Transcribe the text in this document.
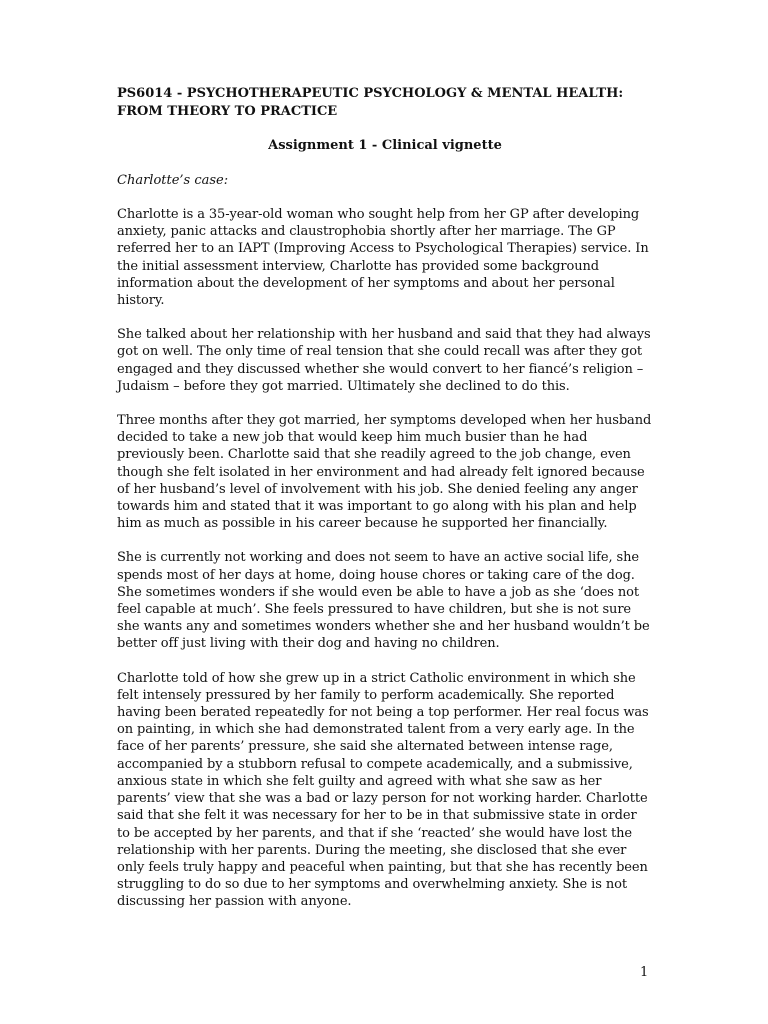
PS6014 - PSYCHOTHERAPEUTIC PSYCHOLOGY & MENTAL HEALTH: FROM THEORY TO PRACTICE

Assignment 1 - Clinical vignette

Charlotte’s case:

Charlotte is a 35-year-old woman who sought help from her GP after developing anxiety, panic attacks and claustrophobia shortly after her marriage. The GP referred her to an IAPT (Improving Access to Psychological Therapies) service. In the initial assessment interview, Charlotte has provided some background information about the development of her symptoms and about her personal history.

She talked about her relationship with her husband and said that they had always got on well. The only time of real tension that she could recall was after they got engaged and they discussed whether she would convert to her fiancé’s religion – Judaism – before they got married. Ultimately she declined to do this.

Three months after they got married, her symptoms developed when her husband decided to take a new job that would keep him much busier than he had previously been. Charlotte said that she readily agreed to the job change, even though she felt isolated in her environment and had already felt ignored because of her husband’s level of involvement with his job. She denied feeling any anger towards him and stated that it was important to go along with his plan and help him as much as possible in his career because he supported her financially.

She is currently not working and does not seem to have an active social life, she spends most of her days at home, doing house chores or taking care of the dog. She sometimes wonders if she would even be able to have a job as she ‘does not feel capable at much’. She feels pressured to have children, but she is not sure she wants any and sometimes wonders whether she and her husband wouldn’t be better off just living with their dog and having no children.

Charlotte told of how she grew up in a strict Catholic environment in which she felt intensely pressured by her family to perform academically. She reported having been berated repeatedly for not being a top performer. Her real focus was on painting, in which she had demonstrated talent from a very early age. In the face of her parents’ pressure, she said she alternated between intense rage, accompanied by a stubborn refusal to compete academically, and a submissive, anxious state in which she felt guilty and agreed with what she saw as her parents’ view that she was a bad or lazy person for not working harder. Charlotte said that she felt it was necessary for her to be in that submissive state in order to be accepted by her parents, and that if she ‘reacted’ she would have lost the relationship with her parents. During the meeting, she disclosed that she ever only feels truly happy and peaceful when painting, but that she has recently been struggling to do so due to her symptoms and overwhelming anxiety. She is not discussing her passion with anyone.

1
